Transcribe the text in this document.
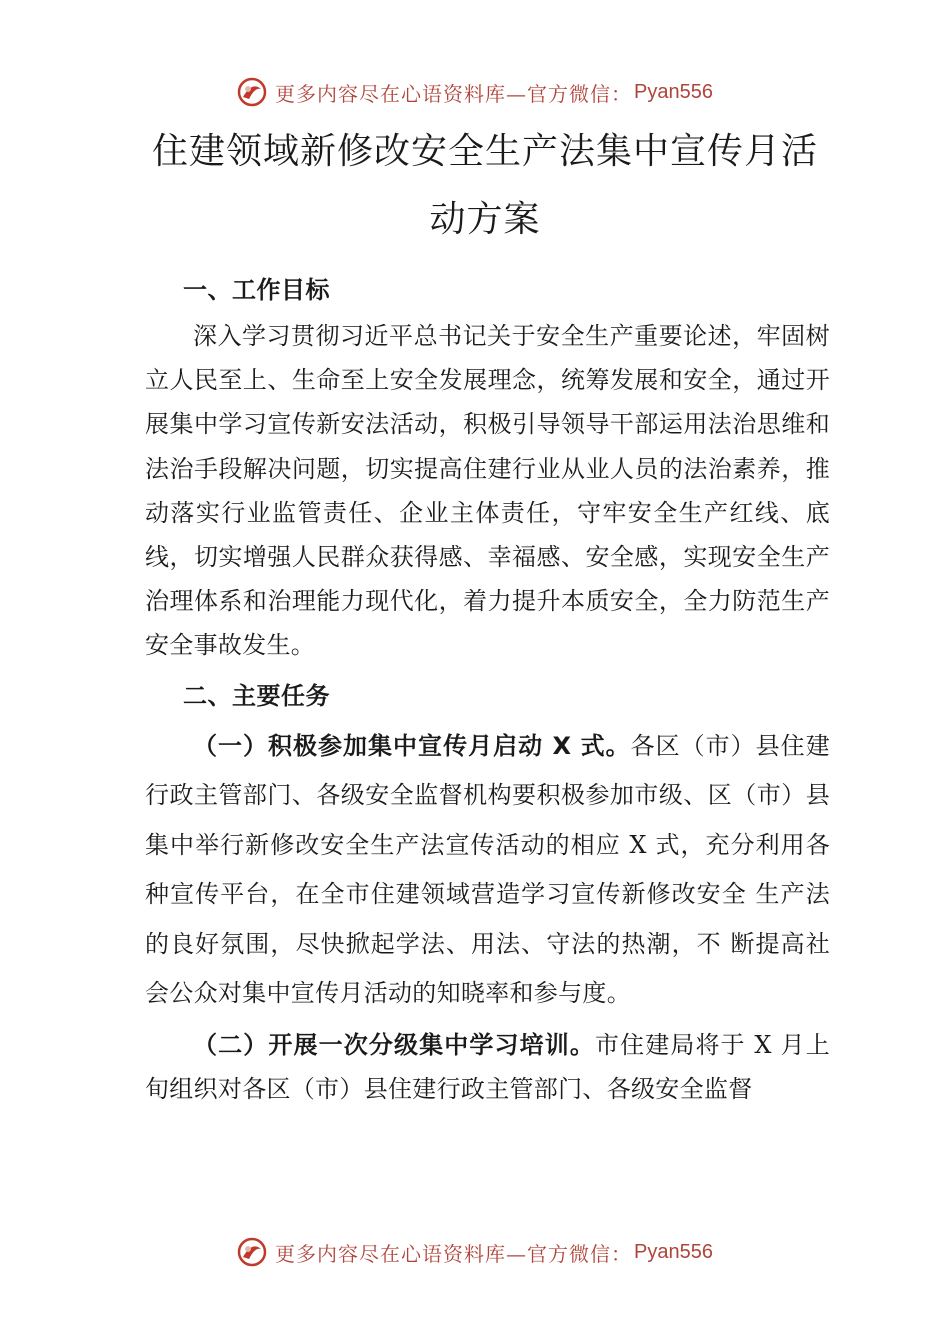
更多内容尽在心语资料库—官方微信： Pyan556
住建领域新修改安全生产法集中宣传月活动方案
一、工作目标

深入学习贯彻习近平总书记关于安全生产重要论述，牢固树立人民至上、生命至上安全发展理念，统筹发展和安全，通过开展集中学习宣传新安法活动，积极引导领导干部运用法治思维和法治手段解决问题，切实提高住建行业从业人员的法治素养，推动落实行业监管责任、企业主体责任，守牢安全生产红线、底线，切实增强人民群众获得感、幸福感、安全感，实现安全生产治理体系和治理能力现代化，着力提升本质安全，全力防范生产安全事故发生。

二、主要任务

（一）积极参加集中宣传月启动 X 式。各区（市）县住建行政主管部门、各级安全监督机构要积极参加市级、区（市）县集中举行新修改安全生产法宣传活动的相应 X 式，充分利用各种宣传平台，在全市住建领域营造学习宣传新修改安全 生产法的良好氛围，尽快掀起学法、用法、守法的热潮，不 断提高社会公众对集中宣传月活动的知晓率和参与度。

（二）开展一次分级集中学习培训。市住建局将于 X 月上旬组织对各区（市）县住建行政主管部门、各级安全监督

更多内容尽在心语资料库—官方微信： Pyan556
